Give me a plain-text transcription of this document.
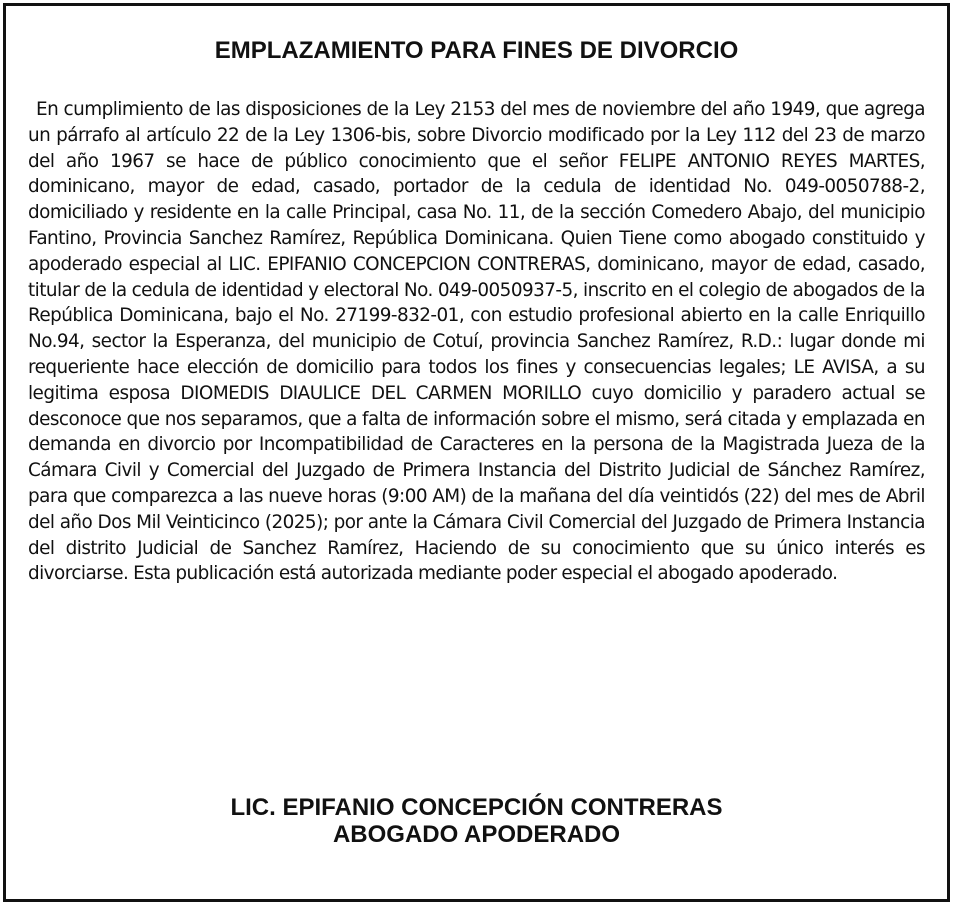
EMPLAZAMIENTO PARA FINES DE DIVORCIO

En cumplimiento de las disposiciones de la Ley 2153 del mes de noviembre del año 1949, que agrega un párrafo al artículo 22 de la Ley 1306-bis, sobre Divorcio modificado por la Ley 112 del 23 de marzo del año 1967 se hace de público conocimiento que el señor FELIPE ANTONIO REYES MARTES, dominicano, mayor de edad, casado, portador de la cedula de identidad No. 049-0050788-2, domiciliado y residente en la calle Principal, casa No. 11, de la sección Comedero Abajo, del municipio Fantino, Provincia Sanchez Ramírez, República Dominicana. Quien Tiene como abogado constituido y apoderado especial al LIC. EPIFANIO CONCEPCION CONTRERAS, dominicano, mayor de edad, casado, titular de la cedula de identidad y electoral No. 049-0050937-5, inscrito en el colegio de abogados de la República Dominicana, bajo el No. 27199-832-01, con estudio profesional abierto en la calle Enriquillo No.94, sector la Esperanza, del municipio de Cotuí, provincia Sanchez Ramírez, R.D.: lugar donde mi requeriente hace elección de domicilio para todos los fines y consecuencias legales; LE AVISA, a su legitima esposa DIOMEDIS DIAULICE DEL CARMEN MORILLO cuyo domicilio y paradero actual se desconoce que nos separamos, que a falta de información sobre el mismo, será citada y emplazada en demanda en divorcio por Incompatibilidad de Caracteres en la persona de la Magistrada Jueza de la Cámara Civil y Comercial del Juzgado de Primera Instancia del Distrito Judicial de Sánchez Ramírez, para que comparezca a las nueve horas (9:00 AM) de la mañana del día veintidós (22) del mes de Abril del año Dos Mil Veinticinco (2025); por ante la Cámara Civil Comercial del Juzgado de Primera Instancia del distrito Judicial de Sanchez Ramírez, Haciendo de su conocimiento que su único interés es divorciarse. Esta publicación está autorizada mediante poder especial el abogado apoderado.

LIC. EPIFANIO CONCEPCIÓN CONTRERAS
ABOGADO APODERADO
